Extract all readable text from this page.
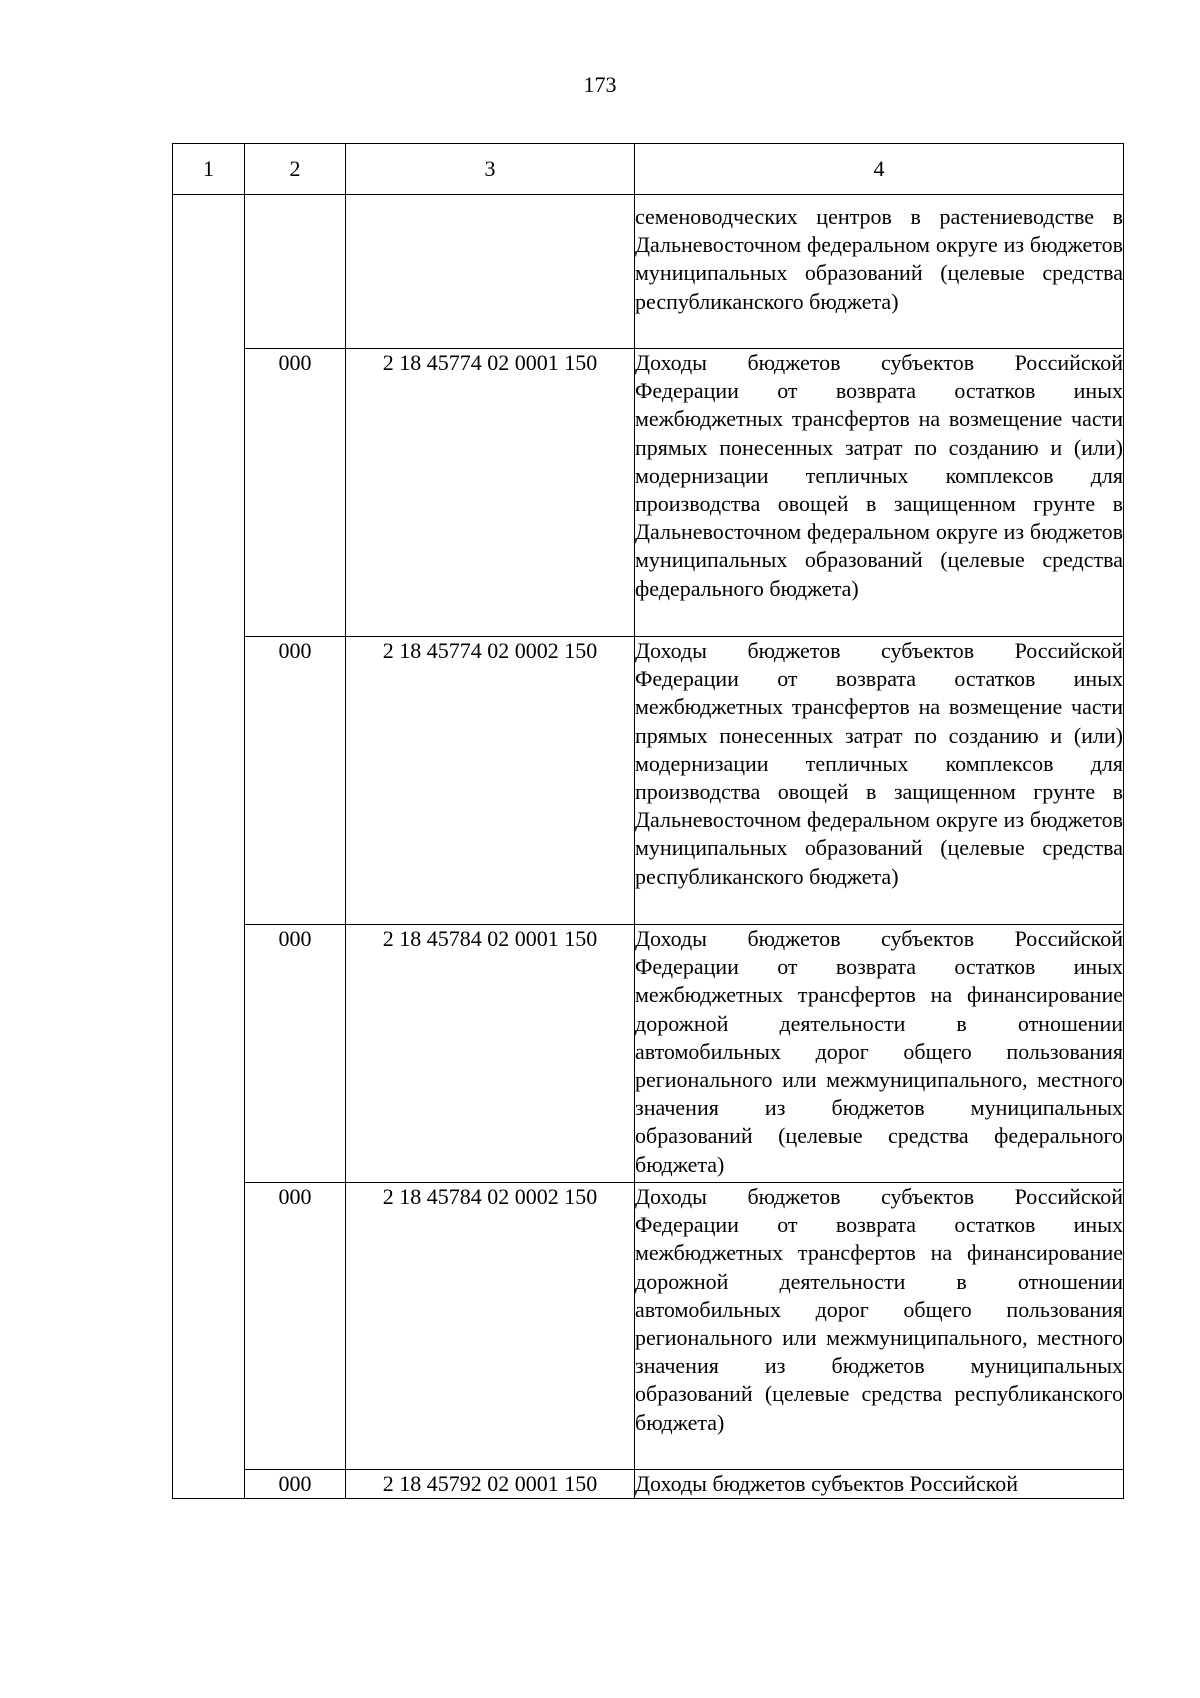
173
1	2	3	4
			семеноводческих центров в растениеводстве в Дальневосточном федеральном округе из бюджетов муниципальных образований (целевые средства республиканского бюджета)
	000	2 18 45774 02 0001 150	Доходы бюджетов субъектов Российской Федерации от возврата остатков иных межбюджетных трансфертов на возмещение части прямых понесенных затрат по созданию и (или) модернизации тепличных комплексов для производства овощей в защищенном грунте в Дальневосточном федеральном округе из бюджетов муниципальных образований (целевые средства федерального бюджета)
	000	2 18 45774 02 0002 150	Доходы бюджетов субъектов Российской Федерации от возврата остатков иных межбюджетных трансфертов на возмещение части прямых понесенных затрат по созданию и (или) модернизации тепличных комплексов для производства овощей в защищенном грунте в Дальневосточном федеральном округе из бюджетов муниципальных образований (целевые средства республиканского бюджета)
	000	2 18 45784 02 0001 150	Доходы бюджетов субъектов Российской Федерации от возврата остатков иных межбюджетных трансфертов на финансирование дорожной деятельности в отношении автомобильных дорог общего пользования регионального или межмуниципального, местного значения из бюджетов муниципальных образований (целевые средства федерального бюджета)
	000	2 18 45784 02 0002 150	Доходы бюджетов субъектов Российской Федерации от возврата остатков иных межбюджетных трансфертов на финансирование дорожной деятельности в отношении автомобильных дорог общего пользования регионального или межмуниципального, местного значения из бюджетов муниципальных образований (целевые средства республиканского бюджета)
	000	2 18 45792 02 0001 150	Доходы бюджетов субъектов Российской
